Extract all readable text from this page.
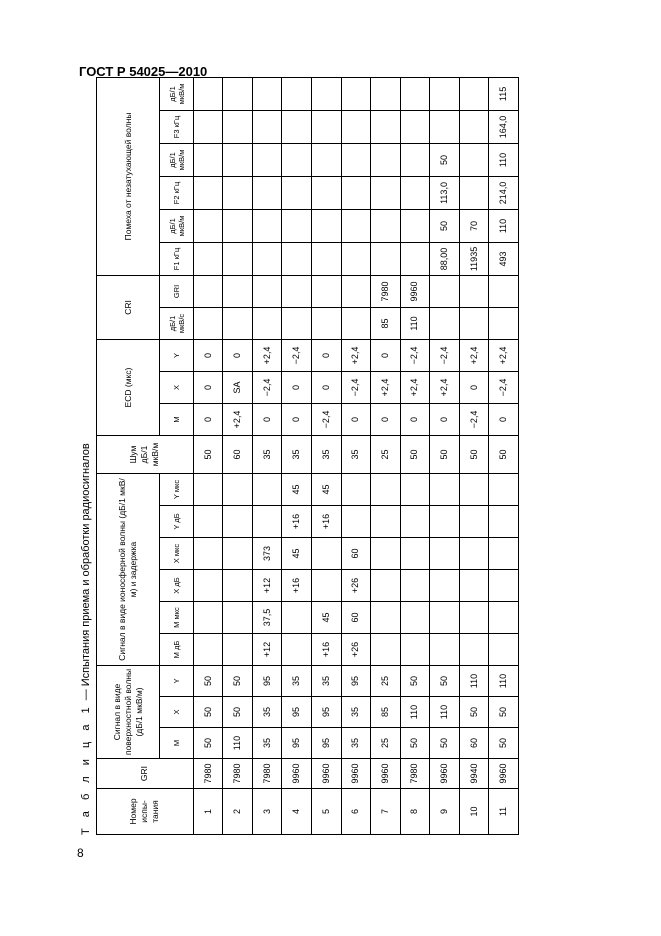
ГОСТ Р 54025—2010
Т а б л и ц а 1 — Испытания приема и обработки радиосигналов
Номер испы-тания	GRI	Сигнал в виде поверхностной волны (дБ/1 мкВ/м)			Сигнал в виде ионосферной волны (дБ/1 мкВ/м) и задержка						Шум дБ/1 мкВ/м	ECD (мкс)			CRI		Помеха от незатухающей волны					
		M	X	Y	M дБ	M мкс	X дБ	X мкс	Y дБ	Y мкс		M	X	Y	дБ/1 мкВ/с	GRI	F1 кГц	дБ/1 мкВ/м	F2 кГц	дБ/1 мкВ/м	F3 кГц	дБ/1 мкВ/м
1	7980	50	50	50							50	0	0	0								
2	7980	110	50	50							60	+2,4	SA	0								
3	7980	35	35	95	+12	37,5	+12	373			35	0	−2,4	+2,4								
4	9960	95	95	35			+16	45	+16	45	35	0	0	−2,4								
5	9960	95	95	35	+16	45			+16	45	35	−2,4	0	0								
6	9960	35	35	95	+26	60	+26	60			35	0	−2,4	+2,4								
7	9960	25	85	25							25	0	+2,4	0	85	7980						
8	7980	50	110	50							50	0	+2,4	−2,4	110	9960						
9	9960	50	110	50							50	0	+2,4	−2,4			88,00	50	113,0	50		
10	9940	60	50	110							50	−2,4	0	+2,4			11935	70				
11	9960	50	50	110							50	0	−2,4	+2,4			493	110	214,0	110	164,0	115
8
